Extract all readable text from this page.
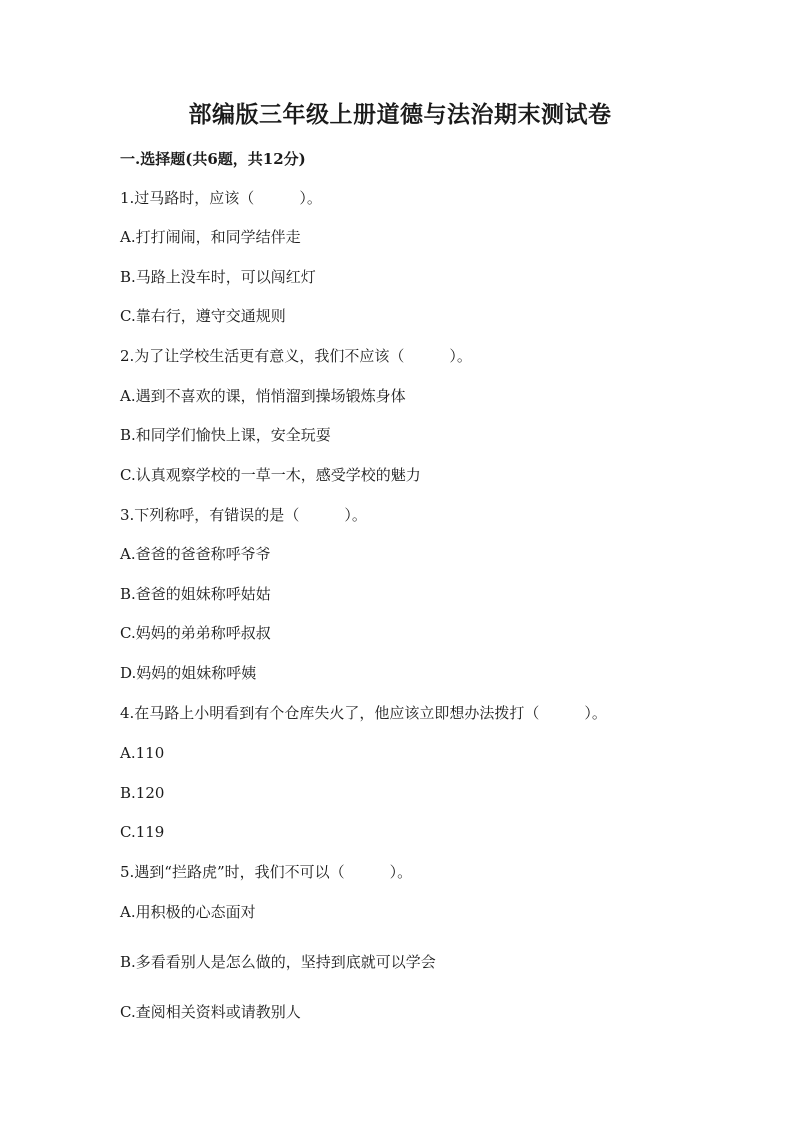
部编版三年级上册道德与法治期末测试卷
一.选择题(共6题，共12分)
1.过马路时，应该（　　　）。
A.打打闹闹，和同学结伴走
B.马路上没车时，可以闯红灯
C.靠右行，遵守交通规则
2.为了让学校生活更有意义，我们不应该（　　　）。
A.遇到不喜欢的课，悄悄溜到操场锻炼身体
B.和同学们愉快上课，安全玩耍
C.认真观察学校的一草一木，感受学校的魅力
3.下列称呼，有错误的是（　　　）。
A.爸爸的爸爸称呼爷爷
B.爸爸的姐妹称呼姑姑
C.妈妈的弟弟称呼叔叔
D.妈妈的姐妹称呼姨
4.在马路上小明看到有个仓库失火了，他应该立即想办法拨打（　　　）。
A.110
B.120
C.119
5.遇到“拦路虎”时，我们不可以（　　　）。
A.用积极的心态面对
B.多看看别人是怎么做的，坚持到底就可以学会
C.查阅相关资料或请教别人
